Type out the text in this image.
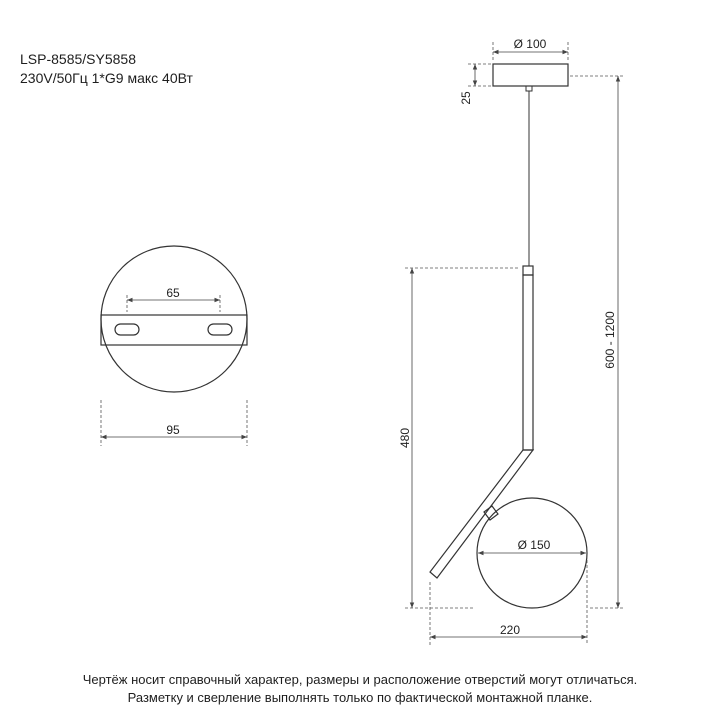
LSP-8585/SY5858
230V/50Гц 1*G9 макс 40Вт
65
95
Ø 100
25
600 - 1200
480
Ø 150
220
Чертёж носит справочный характер, размеры и расположение отверстий могут отличаться.
Разметку и сверление выполнять только по фактической монтажной планке.
